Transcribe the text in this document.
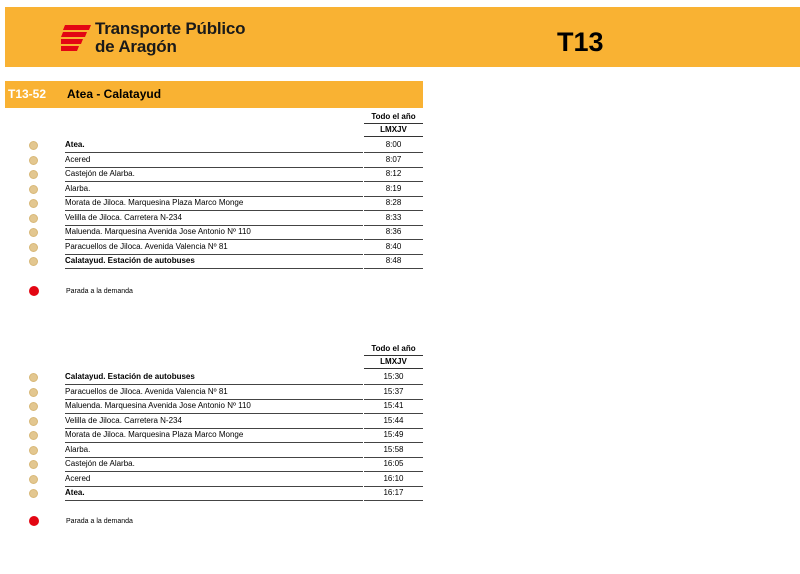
Transporte Público
de Aragón	T13
T13-52 Atea - Calatayud
Todo el año
LMXJV
Atea.	8:00
Acered	8:07
Castejón de Alarba.	8:12
Alarba.	8:19
Morata de Jiloca. Marquesina Plaza Marco Monge	8:28
Velilla de Jiloca. Carretera N-234	8:33
Maluenda. Marquesina Avenida Jose Antonio Nº 110	8:36
Paracuellos de Jiloca. Avenida Valencia Nº 81	8:40
Calatayud. Estación de autobuses	8:48
Parada a la demanda
Todo el año
LMXJV
Calatayud. Estación de autobuses	15:30
Paracuellos de Jiloca. Avenida Valencia Nº 81	15:37
Maluenda. Marquesina Avenida Jose Antonio Nº 110	15:41
Velilla de Jiloca. Carretera N-234	15:44
Morata de Jiloca. Marquesina Plaza Marco Monge	15:49
Alarba.	15:58
Castejón de Alarba.	16:05
Acered	16:10
Atea.	16:17
Parada a la demanda
